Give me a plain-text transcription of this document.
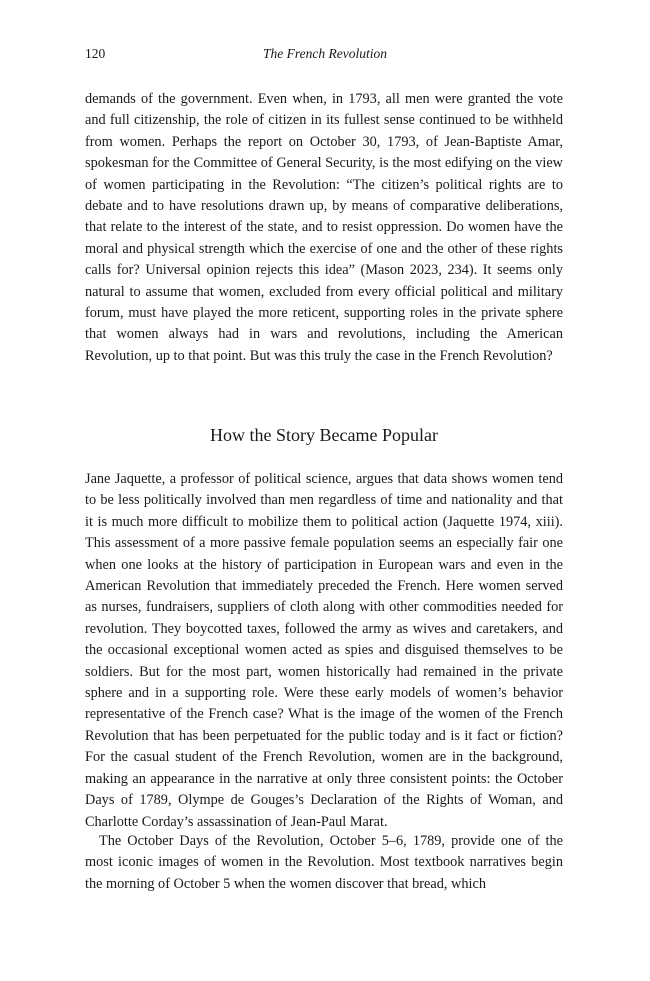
120	The French Revolution

demands of the government. Even when, in 1793, all men were granted the vote and full citizenship, the role of citizen in its fullest sense continued to be withheld from women. Perhaps the report on October 30, 1793, of Jean-Baptiste Amar, spokesman for the Committee of General Security, is the most edifying on the view of women participating in the Revolution: “The citizen’s political rights are to debate and to have resolutions drawn up, by means of comparative deliberations, that relate to the interest of the state, and to resist oppression. Do women have the moral and physical strength which the exercise of one and the other of these rights calls for? Universal opinion rejects this idea” (Mason 2023, 234). It seems only natural to assume that women, excluded from every official political and military forum, must have played the more reticent, supporting roles in the private sphere that women always had in wars and revolutions, including the American Revolution, up to that point. But was this truly the case in the French Revolution?

How the Story Became Popular

Jane Jaquette, a professor of political science, argues that data shows women tend to be less politically involved than men regardless of time and nationality and that it is much more difficult to mobilize them to political action (Jaquette 1974, xiii). This assessment of a more passive female population seems an especially fair one when one looks at the history of participation in European wars and even in the American Revolution that immediately preceded the French. Here women served as nurses, fundraisers, suppliers of cloth along with other commodities needed for revolution. They boycotted taxes, followed the army as wives and caretakers, and the occasional exceptional women acted as spies and disguised themselves to be soldiers. But for the most part, women historically had remained in the private sphere and in a supporting role. Were these early models of women’s behavior representative of the French case? What is the image of the women of the French Revolution that has been perpetuated for the public today and is it fact or fiction? For the casual student of the French Revolution, women are in the background, making an appearance in the narrative at only three consistent points: the October Days of 1789, Olympe de Gouges’s Declaration of the Rights of Woman, and Charlotte Corday’s assassination of Jean-Paul Marat.

The October Days of the Revolution, October 5–6, 1789, provide one of the most iconic images of women in the Revolution. Most textbook narratives begin the morning of October 5 when the women discover that bread, which
